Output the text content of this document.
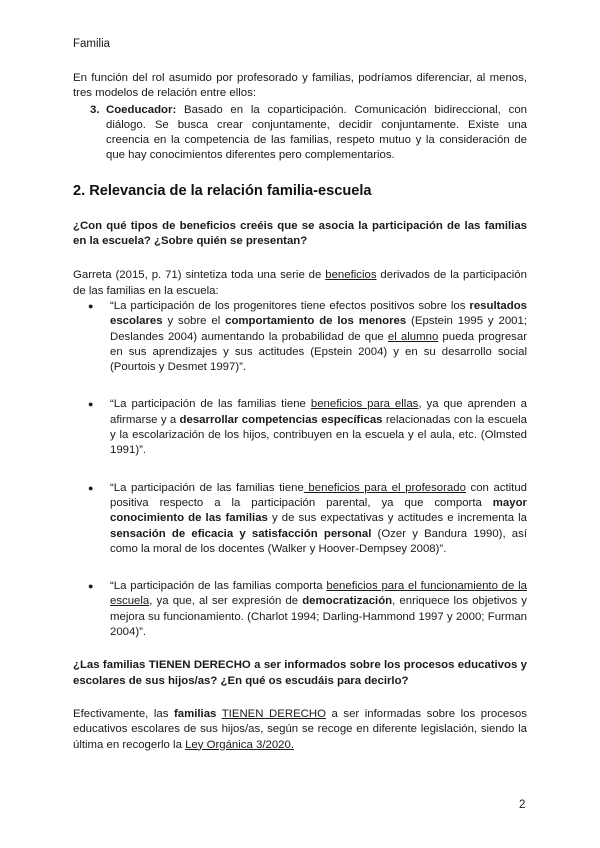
Familia

En función del rol asumido por profesorado y familias, podríamos diferenciar, al menos, tres modelos de relación entre ellos:

3. Coeducador: Basado en la coparticipación. Comunicación bidireccional, con diálogo. Se busca crear conjuntamente, decidir conjuntamente. Existe una creencia en la competencia de las familias, respeto mutuo y la consideración de que hay conocimientos diferentes pero complementarios.
2. Relevancia de la relación familia-escuela

¿Con qué tipos de beneficios creéis que se asocia la participación de las familias en la escuela? ¿Sobre quién se presentan?

Garreta (2015, p. 71) sintetiza toda una serie de beneficios derivados de la participación de las familias en la escuela:

● “La participación de los progenitores tiene efectos positivos sobre los resultados escolares y sobre el comportamiento de los menores (Epstein 1995 y 2001; Deslandes 2004) aumentando la probabilidad de que el alumno pueda progresar en sus aprendizajes y sus actitudes (Epstein 2004) y en su desarrollo social (Pourtois y Desmet 1997)”.
● “La participación de las familias tiene beneficios para ellas, ya que aprenden a afirmarse y a desarrollar competencias específicas relacionadas con la escuela y la escolarización de los hijos, contribuyen en la escuela y el aula, etc. (Olmsted 1991)”.
● “La participación de las familias tiene beneficios para el profesorado con actitud positiva respecto a la participación parental, ya que comporta mayor conocimiento de las familias y de sus expectativas y actitudes e incrementa la sensación de eficacia y satisfacción personal (Ozer y Bandura 1990), así como la moral de los docentes (Walker y Hoover-Dempsey 2008)”.
● “La participación de las familias comporta beneficios para el funcionamiento de la escuela, ya que, al ser expresión de democratización, enriquece los objetivos y mejora su funcionamiento. (Charlot 1994; Darling-Hammond 1997 y 2000; Furman 2004)”.

¿Las familias TIENEN DERECHO a ser informados sobre los procesos educativos y escolares de sus hijos/as? ¿En qué os escudáis para decirlo?

Efectivamente, las familias TIENEN DERECHO a ser informadas sobre los procesos educativos escolares de sus hijos/as, según se recoge en diferente legislación, siendo la última en recogerlo la Ley Orgánica 3/2020.

2
